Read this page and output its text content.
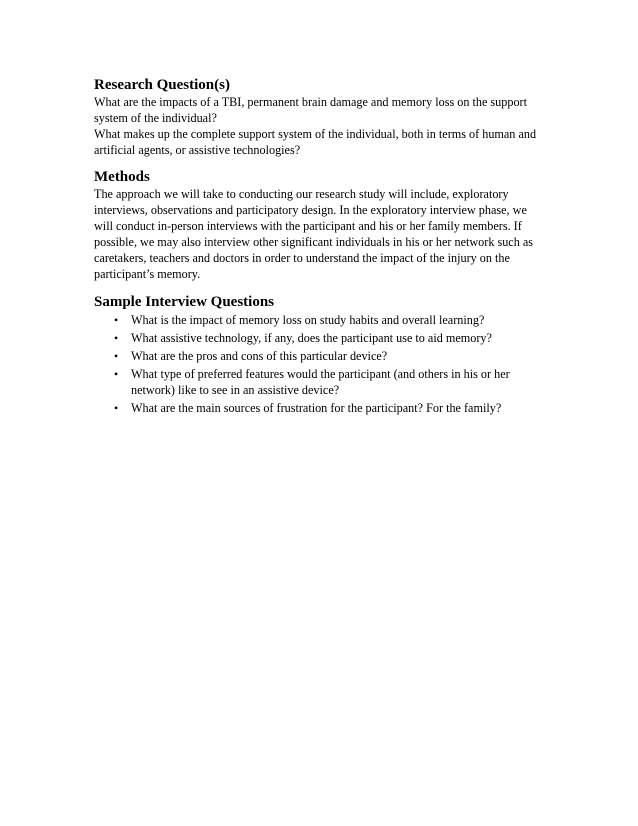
Research Question(s)

What are the impacts of a TBI, permanent brain damage and memory loss on the support system of the individual?

What makes up the complete support system of the individual, both in terms of human and artificial agents, or assistive technologies?

Methods

The approach we will take to conducting our research study will include, exploratory interviews, observations and participatory design. In the exploratory interview phase, we will conduct in-person interviews with the participant and his or her family members. If possible, we may also interview other significant individuals in his or her network such as caretakers, teachers and doctors in order to understand the impact of the injury on the participant’s memory.

Sample Interview Questions
• What is the impact of memory loss on study habits and overall learning?
• What assistive technology, if any, does the participant use to aid memory?
• What are the pros and cons of this particular device?
• What type of preferred features would the participant (and others in his or her network) like to see in an assistive device?
• What are the main sources of frustration for the participant? For the family?
